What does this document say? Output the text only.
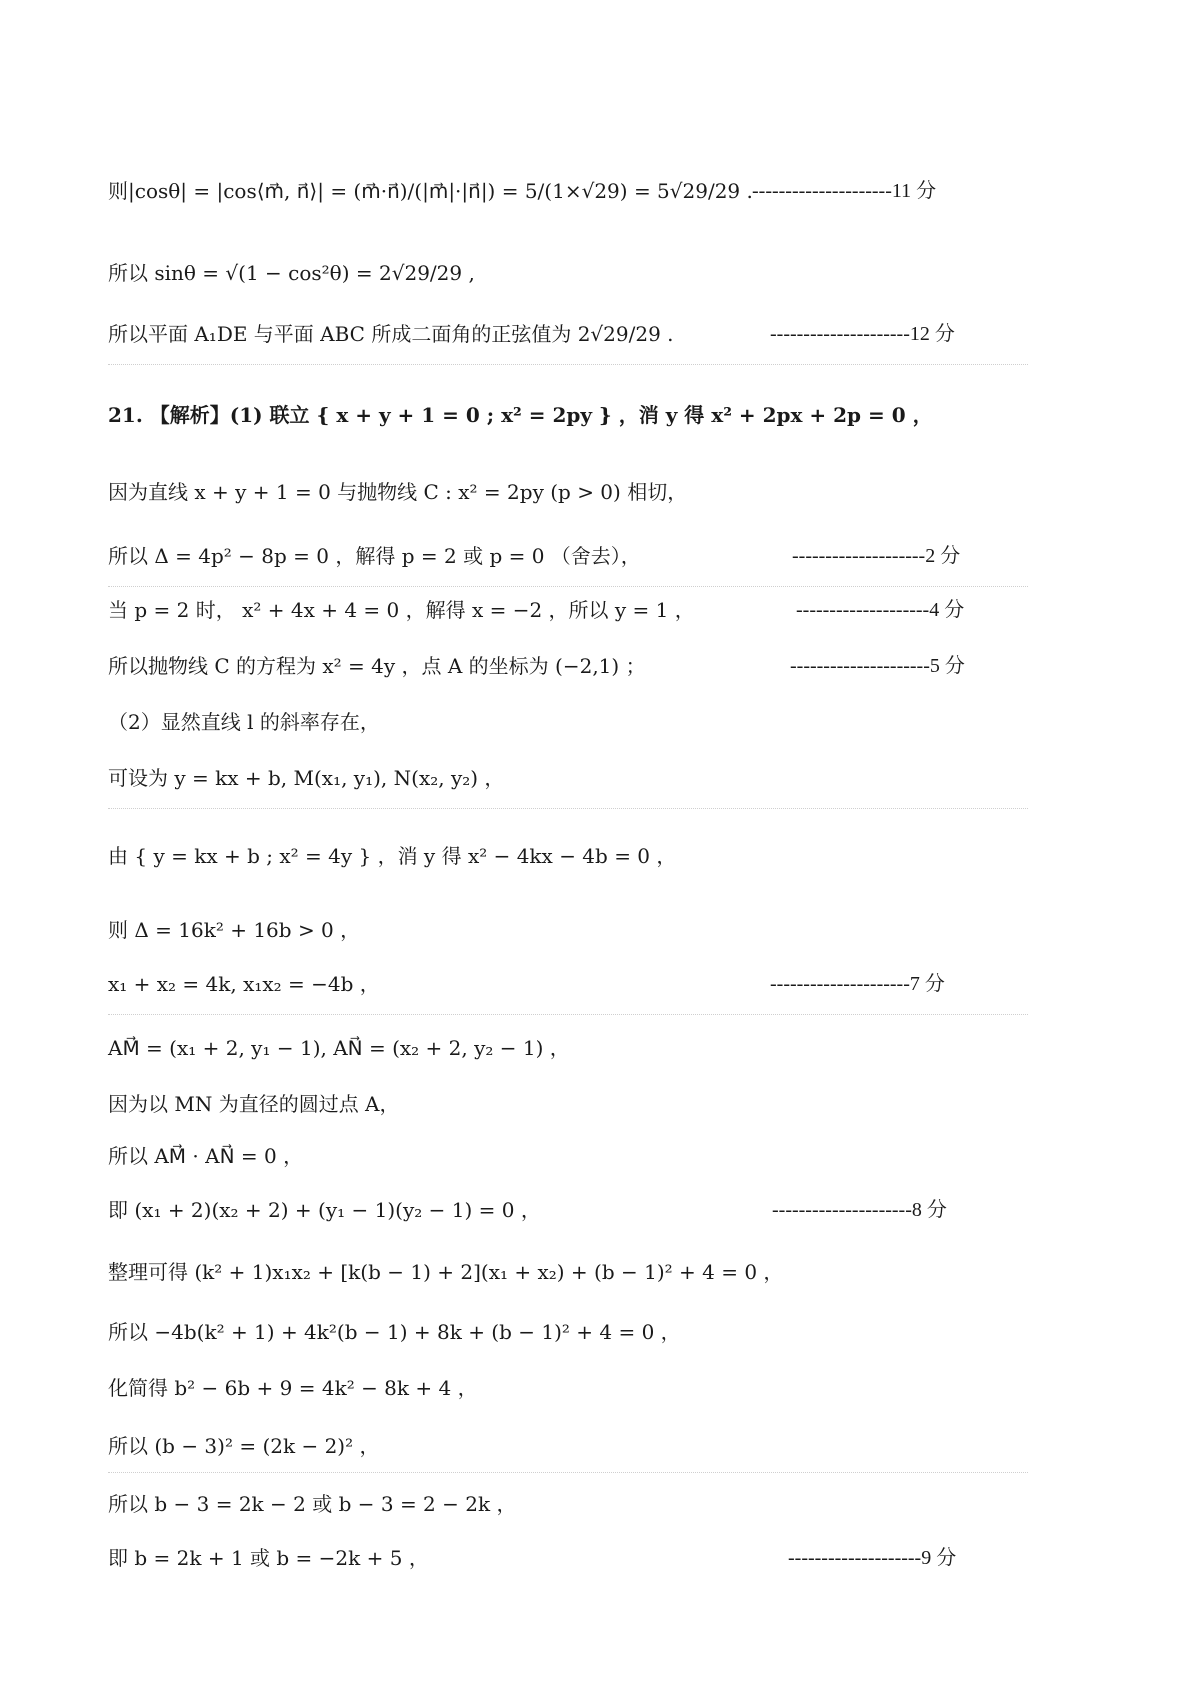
则|cosθ| = |cos⟨m⃗, n⃗⟩| = (m⃗·n⃗)/(|m⃗|·|n⃗|) = 5/(1×√29) = 5√29/29 . ---------------------11 分
所以 sinθ = √(1 − cos²θ) = 2√29/29 ,
所以平面 A₁DE 与平面 ABC 所成二面角的正弦值为 2√29/29 .	---------------------12 分
21. 【解析】(1) 联立 { x + y + 1 = 0 ; x² = 2py } ，消 y 得 x² + 2px + 2p = 0 ，
因为直线 x + y + 1 = 0 与抛物线 C : x² = 2py (p > 0) 相切，
所以 Δ = 4p² − 8p = 0 ，解得 p = 2 或 p = 0 （舍去），	--------------------2 分
当 p = 2 时， x² + 4x + 4 = 0 ，解得 x = −2 ，所以 y = 1 ，	--------------------4 分
所以抛物线 C 的方程为 x² = 4y ，点 A 的坐标为 (−2,1) ；	---------------------5 分
（2）显然直线 l 的斜率存在，
可设为 y = kx + b, M(x₁, y₁), N(x₂, y₂) ，
由 { y = kx + b ; x² = 4y } ，消 y 得 x² − 4kx − 4b = 0 ，
则 Δ = 16k² + 16b > 0 ，
x₁ + x₂ = 4k, x₁x₂ = −4b ，	---------------------7 分
AM⃗ = (x₁ + 2, y₁ − 1), AN⃗ = (x₂ + 2, y₂ − 1) ，
因为以 MN 为直径的圆过点 A，
所以 AM⃗ · AN⃗ = 0 ，
即 (x₁ + 2)(x₂ + 2) + (y₁ − 1)(y₂ − 1) = 0 ，	---------------------8 分
整理可得 (k² + 1)x₁x₂ + [k(b − 1) + 2](x₁ + x₂) + (b − 1)² + 4 = 0 ，
所以 −4b(k² + 1) + 4k²(b − 1) + 8k + (b − 1)² + 4 = 0 ，
化简得 b² − 6b + 9 = 4k² − 8k + 4 ，
所以 (b − 3)² = (2k − 2)² ，
所以 b − 3 = 2k − 2 或 b − 3 = 2 − 2k ，
即 b = 2k + 1 或 b = −2k + 5 ，	--------------------9 分
